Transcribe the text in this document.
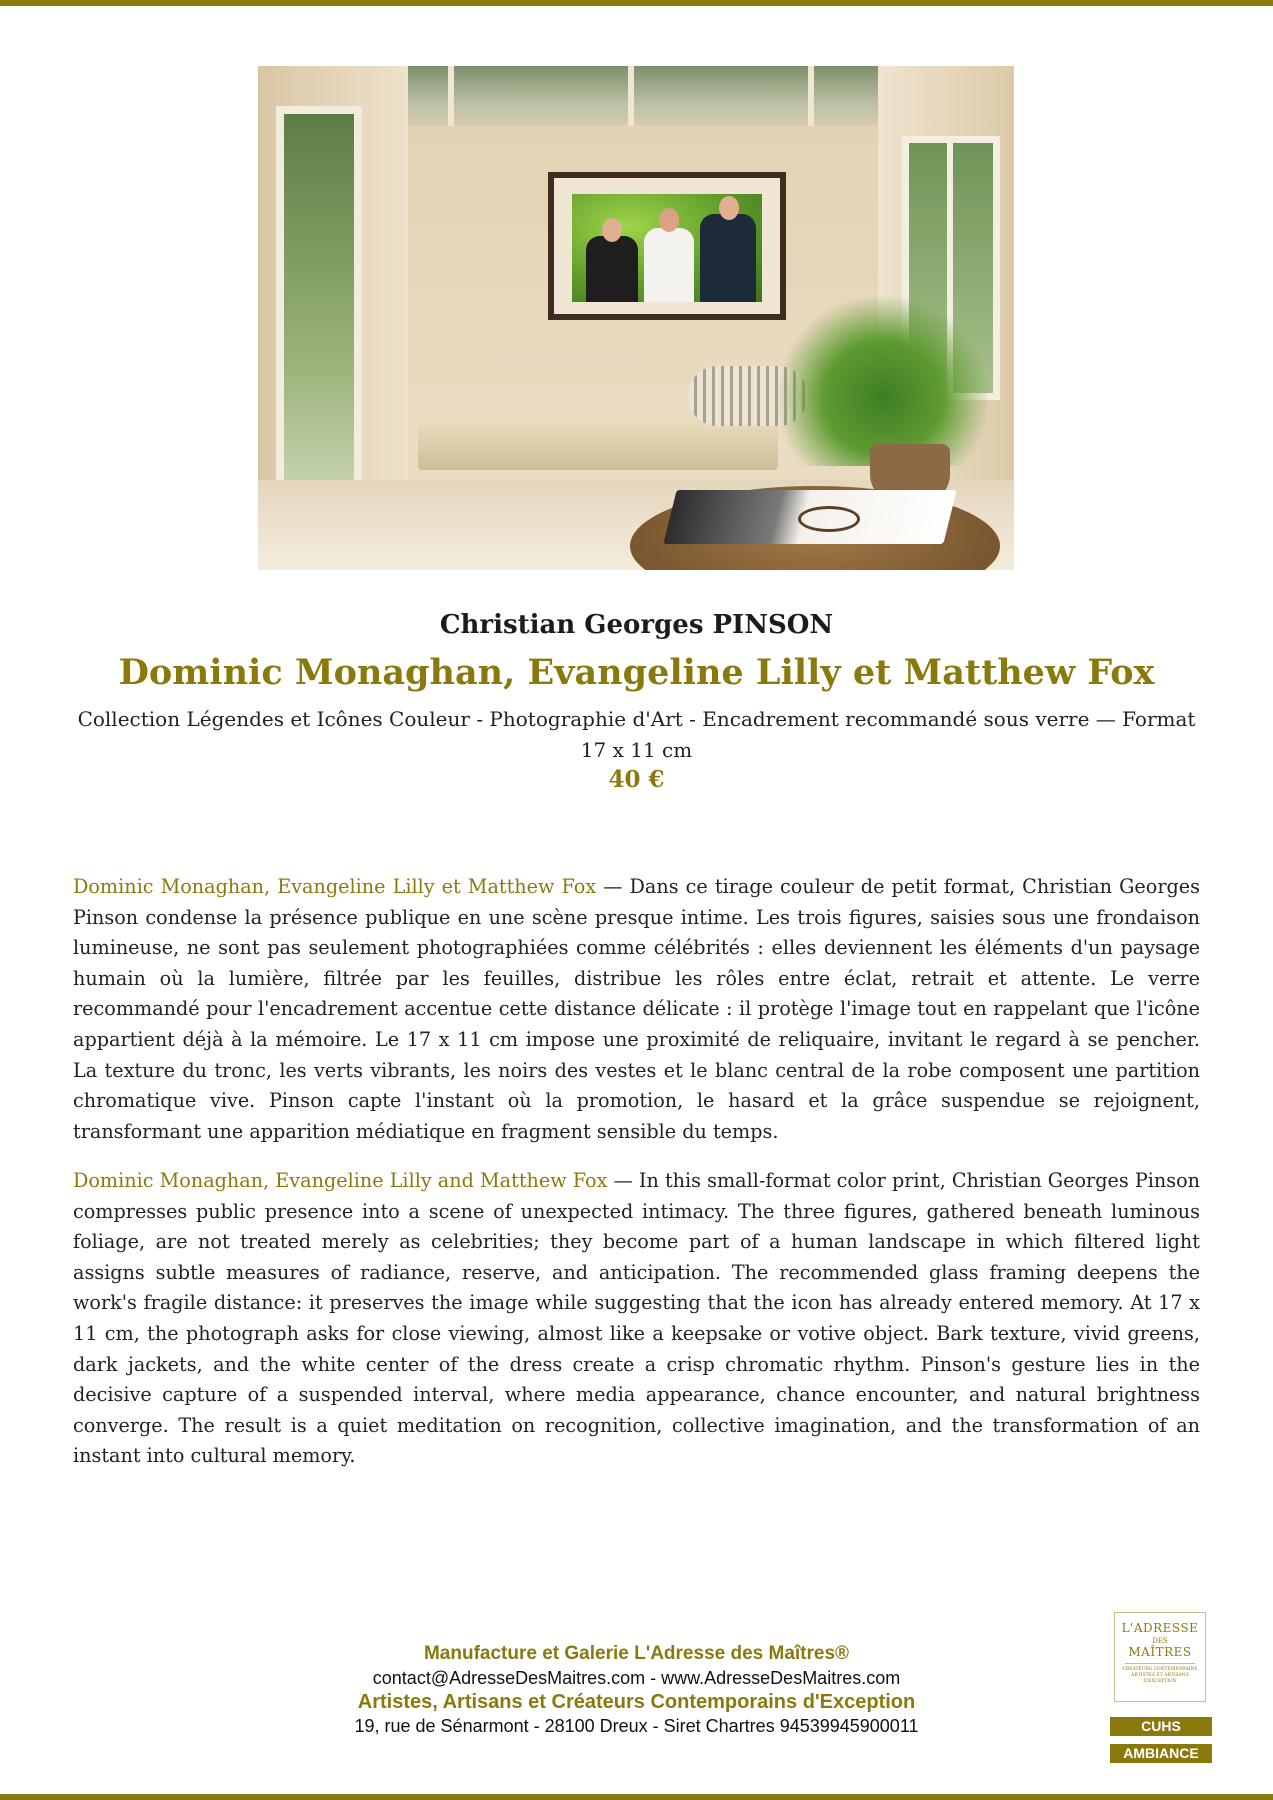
Christian Georges PINSON
Dominic Monaghan, Evangeline Lilly et Matthew Fox
Collection Légendes et Icônes Couleur - Photographie d'Art - Encadrement recommandé sous verre — Format 17 x 11 cm
40 €

Dominic Monaghan, Evangeline Lilly et Matthew Fox — Dans ce tirage couleur de petit format, Christian Georges Pinson condense la présence publique en une scène presque intime. Les trois figures, saisies sous une frondaison lumineuse, ne sont pas seulement photographiées comme célébrités : elles deviennent les éléments d'un paysage humain où la lumière, filtrée par les feuilles, distribue les rôles entre éclat, retrait et attente. Le verre recommandé pour l'encadrement accentue cette distance délicate : il protège l'image tout en rappelant que l'icône appartient déjà à la mémoire. Le 17 x 11 cm impose une proximité de reliquaire, invitant le regard à se pencher. La texture du tronc, les verts vibrants, les noirs des vestes et le blanc central de la robe composent une partition chromatique vive. Pinson capte l'instant où la promotion, le hasard et la grâce suspendue se rejoignent, transformant une apparition médiatique en fragment sensible du temps.

Dominic Monaghan, Evangeline Lilly and Matthew Fox — In this small-format color print, Christian Georges Pinson compresses public presence into a scene of unexpected intimacy. The three figures, gathered beneath luminous foliage, are not treated merely as celebrities; they become part of a human landscape in which filtered light assigns subtle measures of radiance, reserve, and anticipation. The recommended glass framing deepens the work's fragile distance: it preserves the image while suggesting that the icon has already entered memory. At 17 x 11 cm, the photograph asks for close viewing, almost like a keepsake or votive object. Bark texture, vivid greens, dark jackets, and the white center of the dress create a crisp chromatic rhythm. Pinson's gesture lies in the decisive capture of a suspended interval, where media appearance, chance encounter, and natural brightness converge. The result is a quiet meditation on recognition, collective imagination, and the transformation of an instant into cultural memory.

Manufacture et Galerie L'Adresse des Maîtres®
contact@AdresseDesMaitres.com - www.AdresseDesMaitres.com
Artistes, Artisans et Créateurs Contemporains d'Exception
19, rue de Sénarmont - 28100 Dreux - Siret Chartres 94539945900011
L'ADRESSE
DES
MAÎTRES
CRÉATEURS CONTEMPORAINS ARTISTES ET ARTISANS D'EXCEPTION
CUHS
AMBIANCE
